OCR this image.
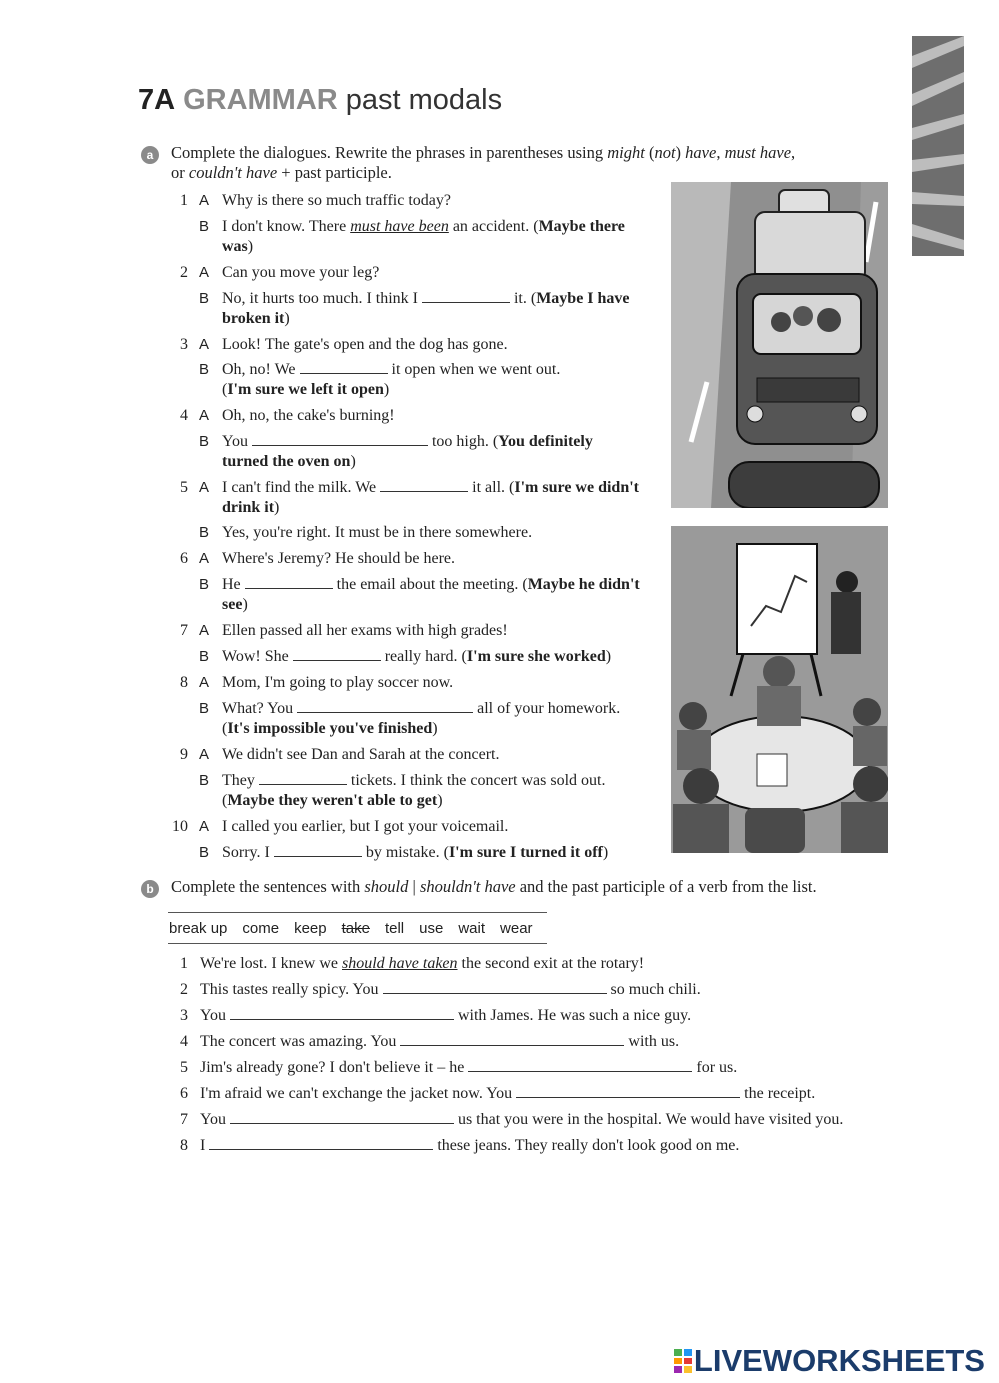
7A GRAMMAR past modals
a	Complete the dialogues. Rewrite the phrases in parentheses using might (not) have, must have,
or couldn't have + past participle.
1 A Why is there so much traffic today?
B I don't know. There must have been an accident. (Maybe there was)
2 A Can you move your leg?
B No, it hurts too much. I think I	it. (Maybe I have broken it)
3 A Look! The gate's open and the dog has gone.
B Oh, no! We	it open when we went out.
(I'm sure we left it open)
4 A Oh, no, the cake's burning!
B You	too high. (You definitely turned the oven on)
5 A I can't find the milk. We	it all. (I'm sure we didn't drink it)
B Yes, you're right. It must be in there somewhere.
6 A Where's Jeremy? He should be here.
B He	the email about the meeting. (Maybe he didn't see)
7 A Ellen passed all her exams with high grades!
B Wow! She	really hard. (I'm sure she worked)
8 A Mom, I'm going to play soccer now.
B What? You	all of your homework.
(It's impossible you've finished)
9 A We didn't see Dan and Sarah at the concert.
B They	tickets. I think the concert was sold out.
(Maybe they weren't able to get)
10 A I called you earlier, but I got your voicemail.
B Sorry. I	by mistake. (I'm sure I turned it off)
b	Complete the sentences with should | shouldn't have and the past participle of a verb from the list.
break up come keep take tell use wait wear
1 We're lost. I knew we should have taken the second exit at the rotary!
2 This tastes really spicy. You	so much chili.
3 You	with James. He was such a nice guy.
4 The concert was amazing. You	with us.
5 Jim's already gone? I don't believe it – he	for us.
6 I'm afraid we can't exchange the jacket now. You	the receipt.
7 You	us that you were in the hospital. We would have visited you.
8 I	these jeans. They really don't look good on me.
LIVEWORKSHEETS
